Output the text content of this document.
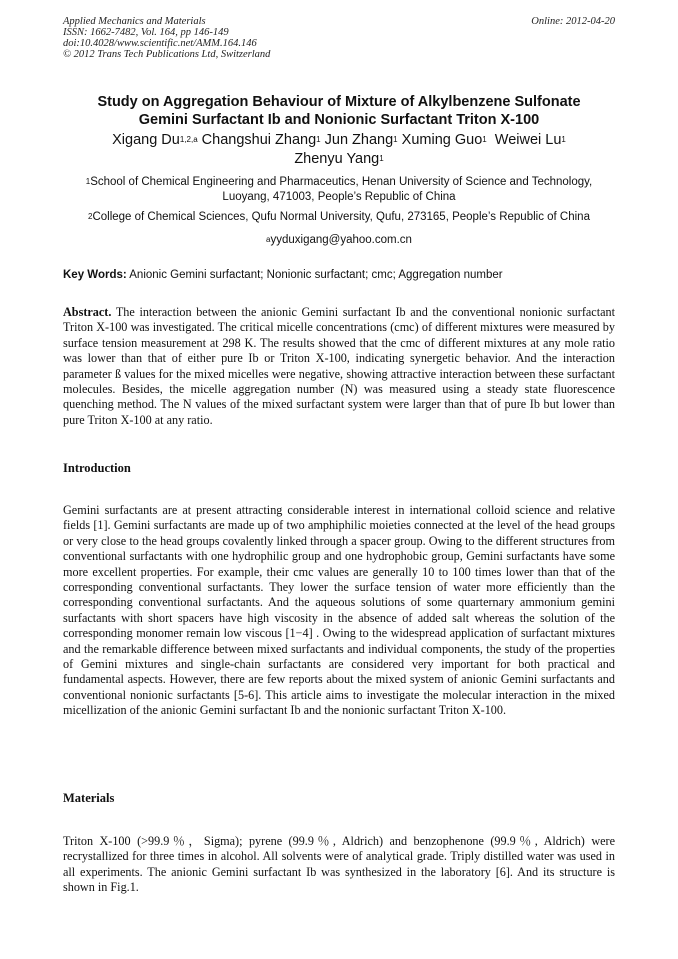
Applied Mechanics and Materials
ISSN: 1662-7482, Vol. 164, pp 146-149
doi:10.4028/www.scientific.net/AMM.164.146
© 2012 Trans Tech Publications Ltd, Switzerland
Online: 2012-04-20
Study on Aggregation Behaviour of Mixture of Alkylbenzene Sulfonate
Gemini Surfactant Ib and Nonionic Surfactant Triton X-100
Xigang Du$^{1,2,a}$ Changshui Zhang$^1$ Jun Zhang$^1$ Xuming Guo$^1$ Weiwei Lu$^1$
Zhenyu Yang$^1$
$^1$School of Chemical Engineering and Pharmaceutics, Henan University of Science and Technology,
Luoyang, 471003, People’s Republic of China
$^2$College of Chemical Sciences, Qufu Normal University, Qufu, 273165, People’s Republic of China
$^a$yyduxigang@yahoo.com.cn
Key Words: Anionic Gemini surfactant; Nonionic surfactant; cmc; Aggregation number
Abstract. The interaction between the anionic Gemini surfactant Ib and the conventional nonionic surfactant Triton X-100 was investigated. The critical micelle concentrations (cmc) of different mixtures were measured by surface tension measurement at 298 K. The results showed that the cmc of different mixtures at any mole ratio was lower than that of either pure Ib or Triton X-100, indicating synergetic behavior. And the interaction parameter ß values for the mixed micelles were negative, showing attractive interaction between these surfactant molecules. Besides, the micelle aggregation number (N) was measured using a steady state fluorescence quenching method. The N values of the mixed surfactant system were larger than that of pure Ib but lower than pure Triton X-100 at any ratio.
Introduction
Gemini surfactants are at present attracting considerable interest in international colloid science and relative fields [1]. Gemini surfactants are made up of two amphiphilic moieties connected at the level of the head groups or very close to the head groups covalently linked through a spacer group. Owing to the different structures from conventional surfactants with one hydrophilic group and one hydrophobic group, Gemini surfactants have some more excellent properties. For example, their cmc values are generally 10 to 100 times lower than that of the corresponding conventional surfactants. They lower the surface tension of water more efficiently than the corresponding conventional surfactants. And the aqueous solutions of some quarternary ammonium gemini surfactants with short spacers have high viscosity in the absence of added salt whereas the solution of the corresponding monomer remain low viscous [1−4] . Owing to the widespread application of surfactant mixtures and the remarkable difference between mixed surfactants and individual components, the study of the properties of Gemini mixtures and single-chain surfactants are considered very important for both practical and fundamental aspects. However, there are few reports about the mixed system of anionic Gemini surfactants and conventional nonionic surfactants [5-6]. This article aims to investigate the molecular interaction in the mixed micellization of the anionic Gemini surfactant Ib and the nonionic surfactant Triton X-100.
Materials
Triton X-100 (>99.9％，Sigma); pyrene (99.9％, Aldrich) and benzophenone (99.9％, Aldrich) were recrystallized for three times in alcohol. All solvents were of analytical grade. Triply distilled water was used in all experiments. The anionic Gemini surfactant Ib was synthesized in the laboratory [6]. And its structure is shown in Fig.1.
